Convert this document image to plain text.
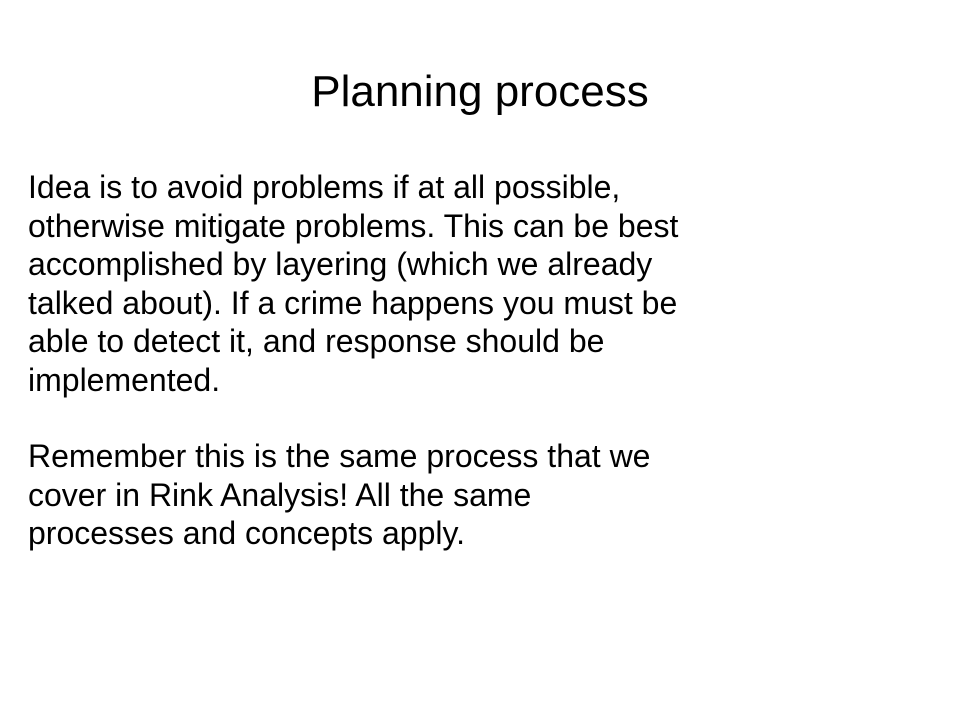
Planning process

Idea is to avoid problems if at all possible,
otherwise mitigate problems. This can be best
accomplished by layering (which we already
talked about). If a crime happens you must be
able to detect it, and response should be
implemented.

Remember this is the same process that we
cover in Rink Analysis! All the same
processes and concepts apply.
